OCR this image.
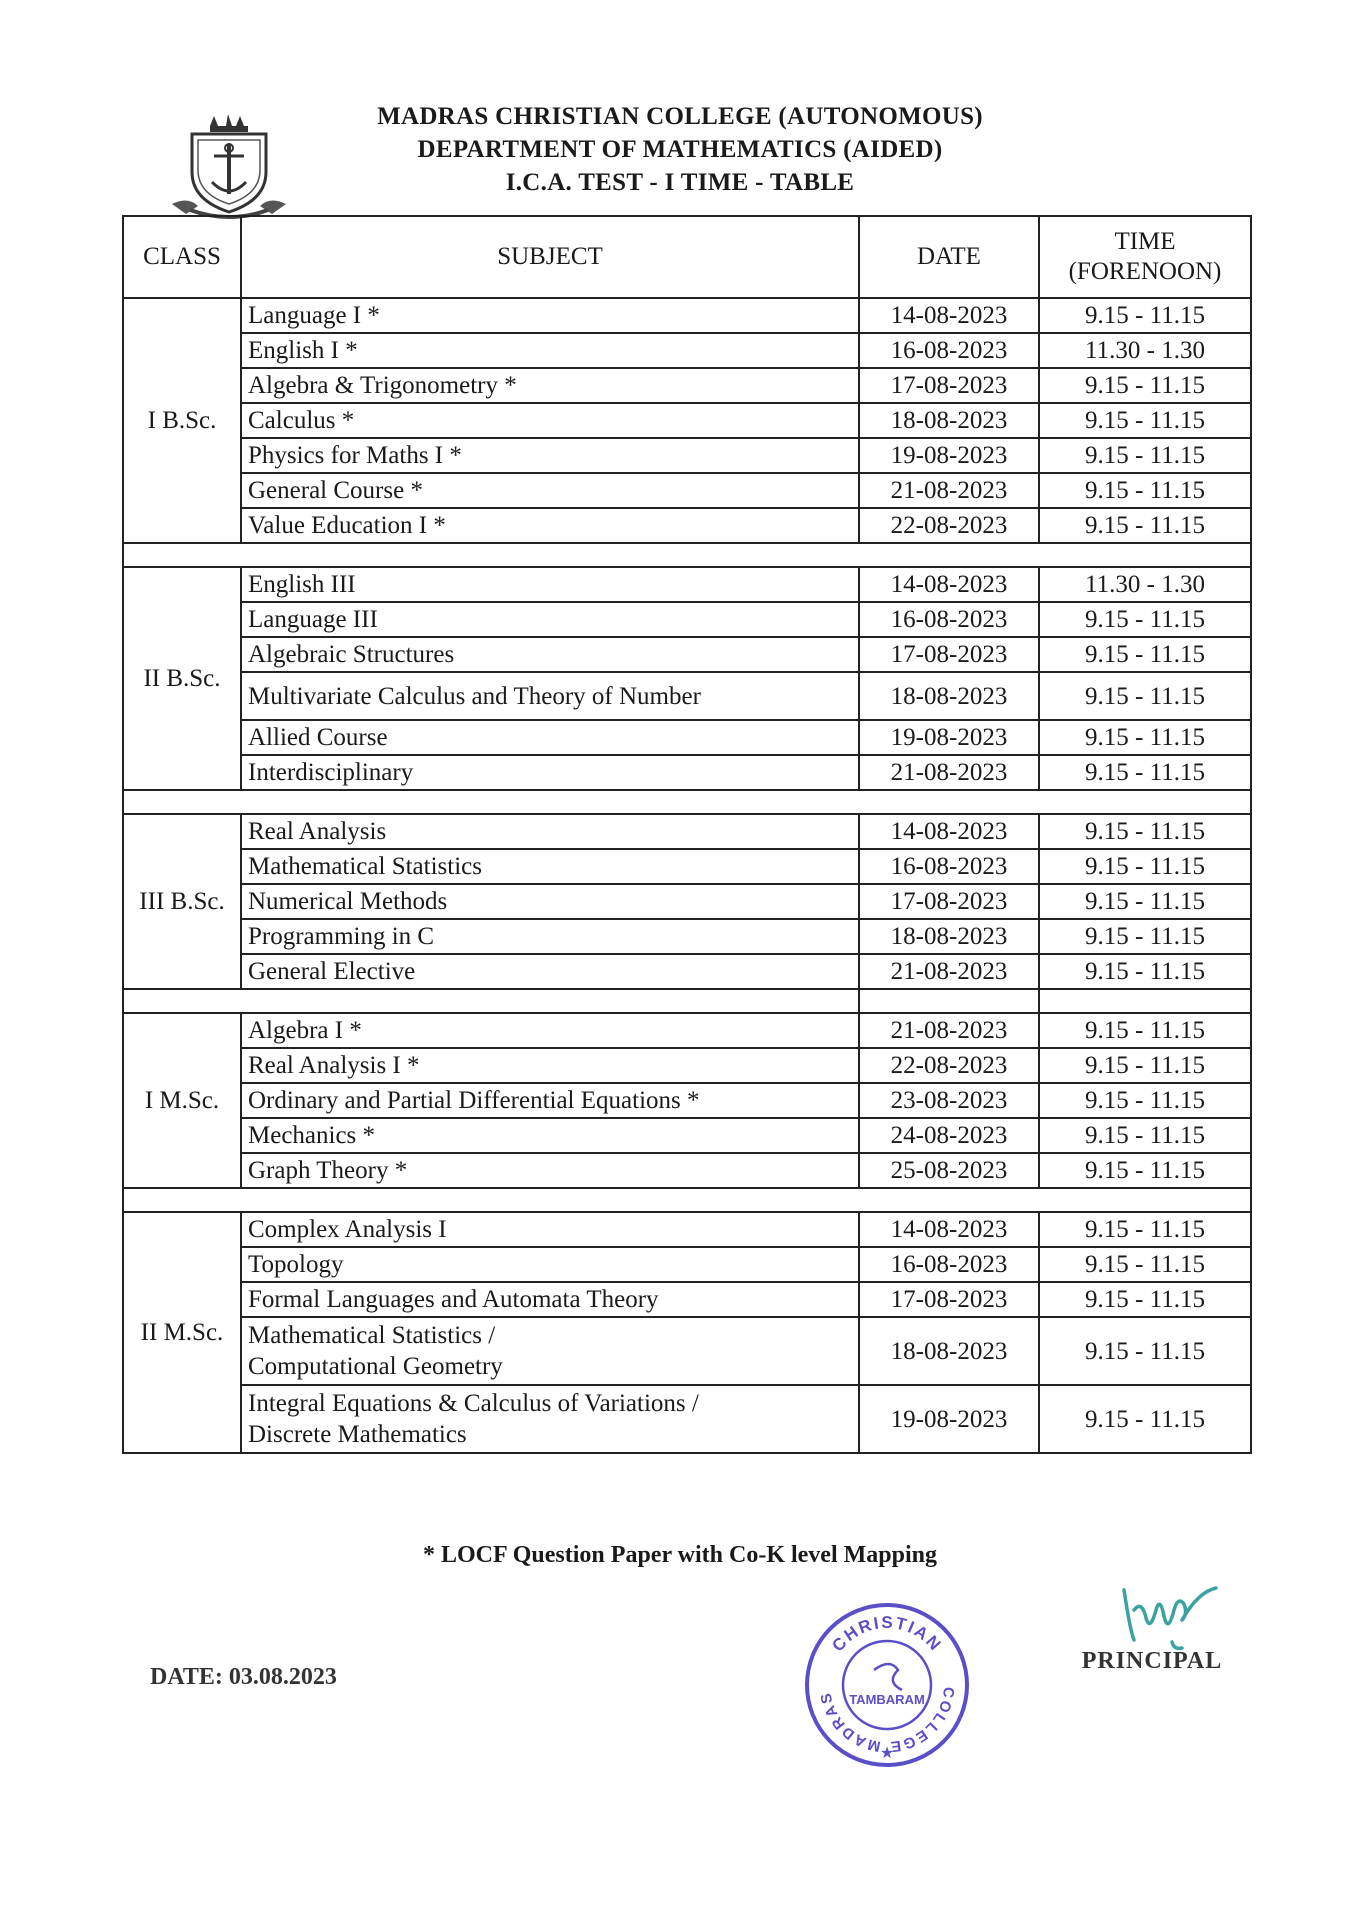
MADRAS CHRISTIAN COLLEGE (AUTONOMOUS)
DEPARTMENT OF MATHEMATICS (AIDED)
I.C.A. TEST - I TIME - TABLE
CLASS	SUBJECT	DATE	TIME
(FORENOON)
I B.Sc.	Language I *	14-08-2023	9.15 - 11.15
	English I *	16-08-2023	11.30 - 1.30
	Algebra & Trigonometry *	17-08-2023	9.15 - 11.15
	Calculus *	18-08-2023	9.15 - 11.15
	Physics for Maths I *	19-08-2023	9.15 - 11.15
	General Course *	21-08-2023	9.15 - 11.15
	Value Education I *	22-08-2023	9.15 - 11.15

II B.Sc.	English III	14-08-2023	11.30 - 1.30
	Language III	16-08-2023	9.15 - 11.15
	Algebraic Structures	17-08-2023	9.15 - 11.15
	Multivariate Calculus and Theory of Number	18-08-2023	9.15 - 11.15
	Allied Course	19-08-2023	9.15 - 11.15
	Interdisciplinary	21-08-2023	9.15 - 11.15

III B.Sc.	Real Analysis	14-08-2023	9.15 - 11.15
	Mathematical Statistics	16-08-2023	9.15 - 11.15
	Numerical Methods	17-08-2023	9.15 - 11.15
	Programming in C	18-08-2023	9.15 - 11.15
	General Elective	21-08-2023	9.15 - 11.15

I M.Sc.	Algebra I *	21-08-2023	9.15 - 11.15
	Real Analysis I *	22-08-2023	9.15 - 11.15
	Ordinary and Partial Differential Equations *	23-08-2023	9.15 - 11.15
	Mechanics *	24-08-2023	9.15 - 11.15
	Graph Theory *	25-08-2023	9.15 - 11.15

II M.Sc.	Complex Analysis I	14-08-2023	9.15 - 11.15
	Topology	16-08-2023	9.15 - 11.15
	Formal Languages and Automata Theory	17-08-2023	9.15 - 11.15

	Mathematical Statistics /
Computational Geometry	18-08-2023	9.15 - 11.15

	Integral Equations & Calculus of Variations /
Discrete Mathematics	19-08-2023	9.15 - 11.15
* LOCF Question Paper with Co-K level Mapping
PRINCIPAL
CHRISTIAN
MADRAS	COLLEGE
TAMBARAM
★
DATE: 03.08.2023
